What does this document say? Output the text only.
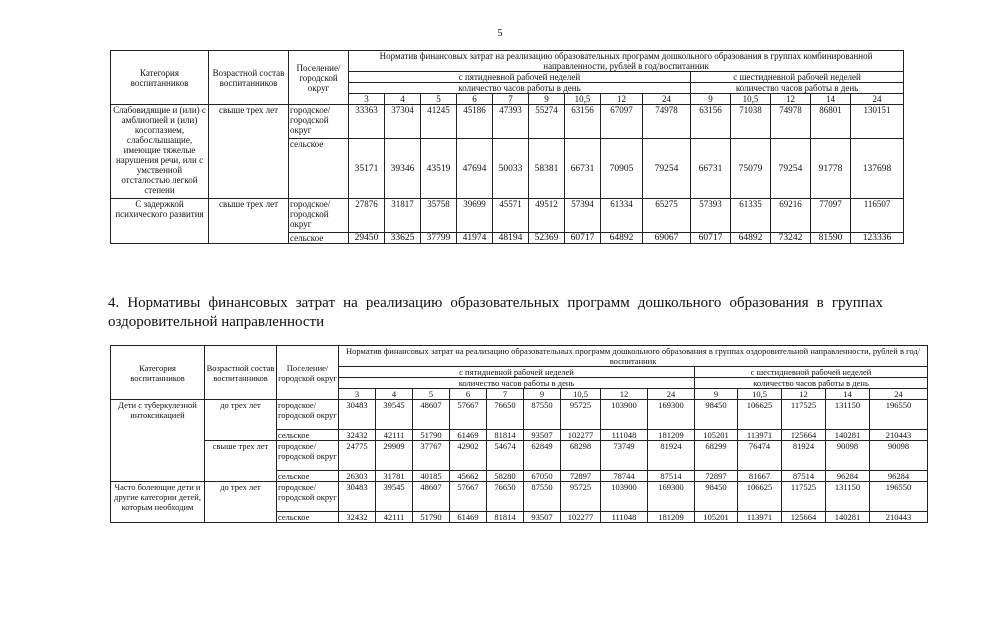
5
Категория воспитанников	Возрастной состав воспитанников	Поселение/ городской округ	Норматив финансовых затрат на реализацию образовательных программ дошкольного образования в группах комбинированной направленности, рублей в год/воспитанник													
			с пятидневной рабочей неделей									с шестидневной рабочей неделей				
			количество часов работы в день									количество часов работы в день				
			3	4	5	6	7	9	10,5	12	24	9	10,5	12	14	24
Слабовидящие и (или) с амблиопией и (или) косоглазием, слабослышащие, имеющие тяжелые нарушения речи, или с умственной отсталостью легкой степени	свыше трех лет	городское/ городской округ	33363	37304	41245	45186	47393	55274	63156	67097	74978	63156	71038	74978	86801	130151
		сельское	35171	39346	43519	47694	50033	58381	66731	70905	79254	66731	75079	79254	91778	137698
С задержкой психического развития	свыше трех лет	городское/ городской округ	27876	31817	35758	39699	45571	49512	57394	61334	65275	57393	61335	69216	77097	116507
		сельское	29450	33625	37799	41974	48194	52369	60717	64892	69067	60717	64892	73242	81590	123336
4. Нормативы финансовых затрат на реализацию образовательных программ дошкольного образования в группах оздоровительной направленности
Категория воспитанников	Возрастной состав воспитанников	Поселение/ городской округ	Норматив финансовых затрат на реализацию образовательных программ дошкольного образования в группах оздоровительной направленности, рублей в год/воспитанник													
			с пятидневной рабочей неделей									с шестидневной рабочей неделей				
			количество часов работы в день									количество часов работы в день				
			3	4	5	6	7	9	10,5	12	24	9	10,5	12	14	24
Дети с туберкулезной интоксикацией	до трех лет	городское/ городской округ	30483	39545	48607	57667	76650	87550	95725	103900	169300	98450	106625	117525	131150	196550
		сельское	32432	42111	51790	61469	81814	93507	102277	111048	181209	105201	113971	125664	140281	210443
	свыше трех лет	городское/ городской округ	24775	29909	37767	42902	54674	62849	68298	73749	81924	68299	76474	81924	90098	90098
		сельское	26303	31781	40185	45662	58280	67050	72897	78744	87514	72897	81667	87514	96284	96284
Часто болеющие дети и другие категории детей, которым необходим	до трех лет	городское/ городской округ	30483	39545	48607	57667	76650	87550	95725	103900	169300	98450	106625	117525	131150	196550
		сельское	32432	42111	51790	61469	81814	93507	102277	111048	181209	105201	113971	125664	140281	210443
